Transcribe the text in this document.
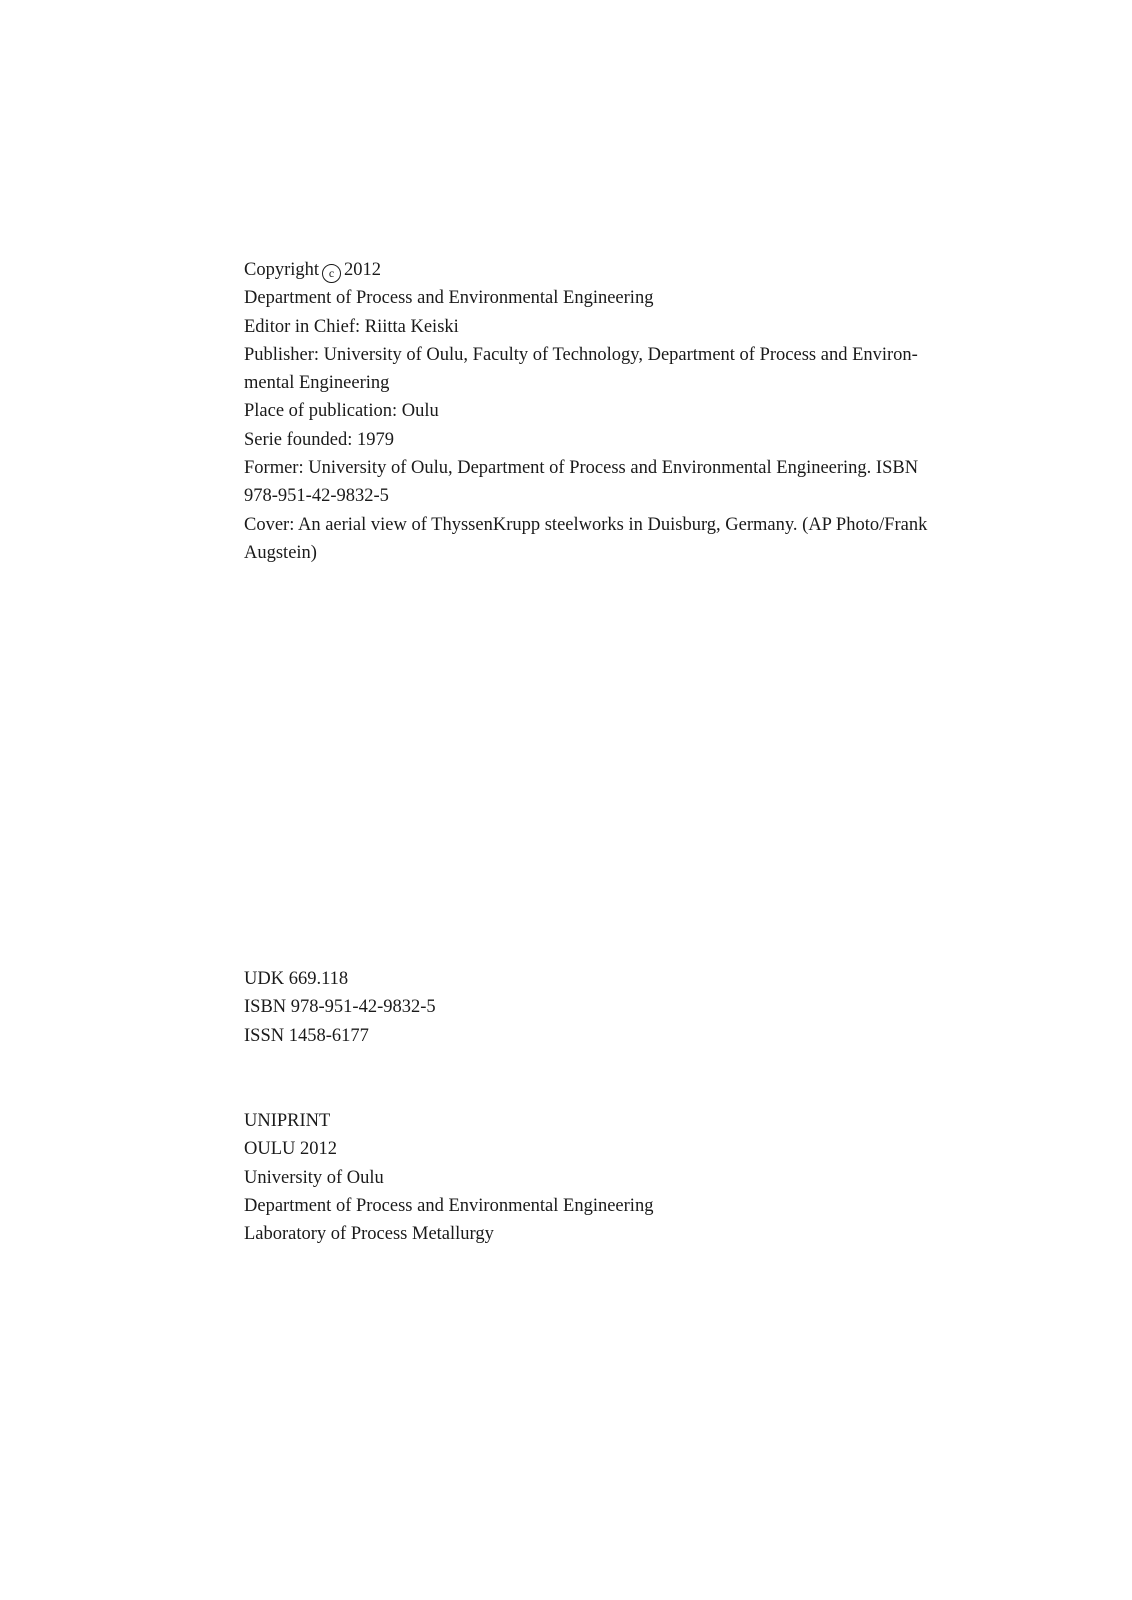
Copyright c 2012
Department of Process and Environmental Engineering
Editor in Chief: Riitta Keiski
Publisher: University of Oulu, Faculty of Technology, Department of Process and Environ-
mental Engineering
Place of publication: Oulu
Serie founded: 1979
Former: University of Oulu, Department of Process and Environmental Engineering. ISBN
978-951-42-9832-5
Cover: An aerial view of ThyssenKrupp steelworks in Duisburg, Germany. (AP Photo/Frank
Augstein)
UDK 669.118
ISBN 978-951-42-9832-5
ISSN 1458-6177
UNIPRINT
OULU 2012
University of Oulu
Department of Process and Environmental Engineering
Laboratory of Process Metallurgy
